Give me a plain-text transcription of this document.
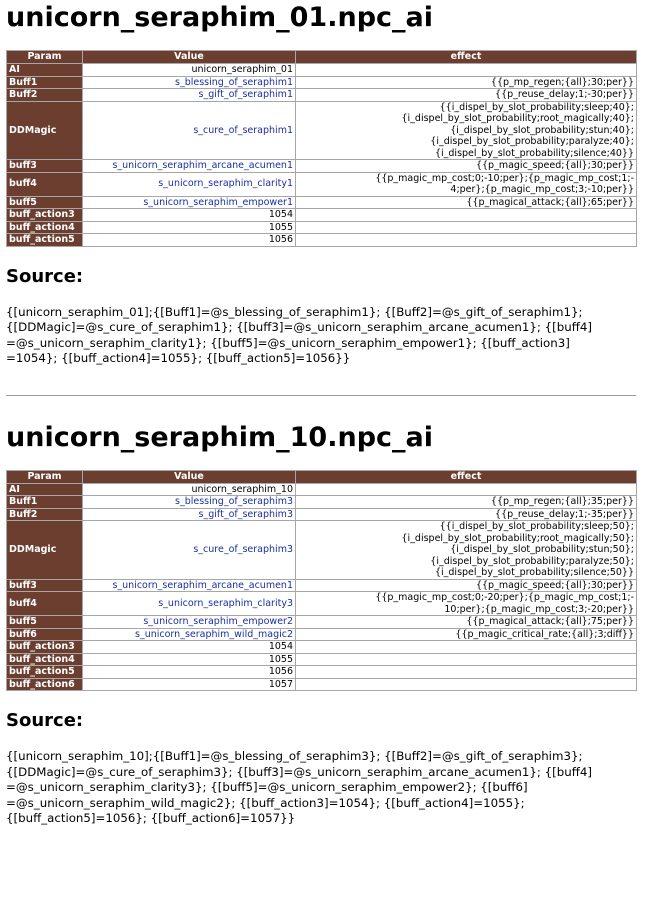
unicorn_seraphim_01.npc_ai
Param	Value	effect
AI	unicorn_seraphim_01	

Buff1	s_blessing_of_seraphim1	{{p_mp_regen;{all};30;per}}

Buff2	s_gift_of_seraphim1	{{p_reuse_delay;1;-30;per}}

DDMagic	s_cure_of_seraphim1	{{i_dispel_by_slot_probability;sleep;40};
{i_dispel_by_slot_probability;root_magically;40};
{i_dispel_by_slot_probability;stun;40};
{i_dispel_by_slot_probability;paralyze;40};
{i_dispel_by_slot_probability;silence;40}}

buff3	s_unicorn_seraphim_arcane_acumen1	{{p_magic_speed;{all};30;per}}

buff4	s_unicorn_seraphim_clarity1	{{p_magic_mp_cost;0;-10;per};{p_magic_mp_cost;1;-
4;per};{p_magic_mp_cost;3;-10;per}}

buff5	s_unicorn_seraphim_empower1	{{p_magical_attack;{all};65;per}}

buff_action3	1054	

buff_action4	1055	

buff_action5	1056	
Source:
{[unicorn_seraphim_01];{[Buff1]=@s_blessing_of_seraphim1}; {[Buff2]=@s_gift_of_seraphim1};
{[DDMagic]=@s_cure_of_seraphim1}; {[buff3]=@s_unicorn_seraphim_arcane_acumen1}; {[buff4]
=@s_unicorn_seraphim_clarity1}; {[buff5]=@s_unicorn_seraphim_empower1}; {[buff_action3]
=1054}; {[buff_action4]=1055}; {[buff_action5]=1056}}
unicorn_seraphim_10.npc_ai
Param	Value	effect
AI	unicorn_seraphim_10	

Buff1	s_blessing_of_seraphim3	{{p_mp_regen;{all};35;per}}

Buff2	s_gift_of_seraphim3	{{p_reuse_delay;1;-35;per}}

DDMagic	s_cure_of_seraphim3	{{i_dispel_by_slot_probability;sleep;50};
{i_dispel_by_slot_probability;root_magically;50};
{i_dispel_by_slot_probability;stun;50};
{i_dispel_by_slot_probability;paralyze;50};
{i_dispel_by_slot_probability;silence;50}}

buff3	s_unicorn_seraphim_arcane_acumen1	{{p_magic_speed;{all};30;per}}

buff4	s_unicorn_seraphim_clarity3	{{p_magic_mp_cost;0;-20;per};{p_magic_mp_cost;1;-
10;per};{p_magic_mp_cost;3;-20;per}}

buff5	s_unicorn_seraphim_empower2	{{p_magical_attack;{all};75;per}}

buff6	s_unicorn_seraphim_wild_magic2	{{p_magic_critical_rate;{all};3;diff}}

buff_action3	1054	

buff_action4	1055	

buff_action5	1056	

buff_action6	1057	
Source:
{[unicorn_seraphim_10];{[Buff1]=@s_blessing_of_seraphim3}; {[Buff2]=@s_gift_of_seraphim3};
{[DDMagic]=@s_cure_of_seraphim3}; {[buff3]=@s_unicorn_seraphim_arcane_acumen1}; {[buff4]
=@s_unicorn_seraphim_clarity3}; {[buff5]=@s_unicorn_seraphim_empower2}; {[buff6]
=@s_unicorn_seraphim_wild_magic2}; {[buff_action3]=1054}; {[buff_action4]=1055};
{[buff_action5]=1056}; {[buff_action6]=1057}}
